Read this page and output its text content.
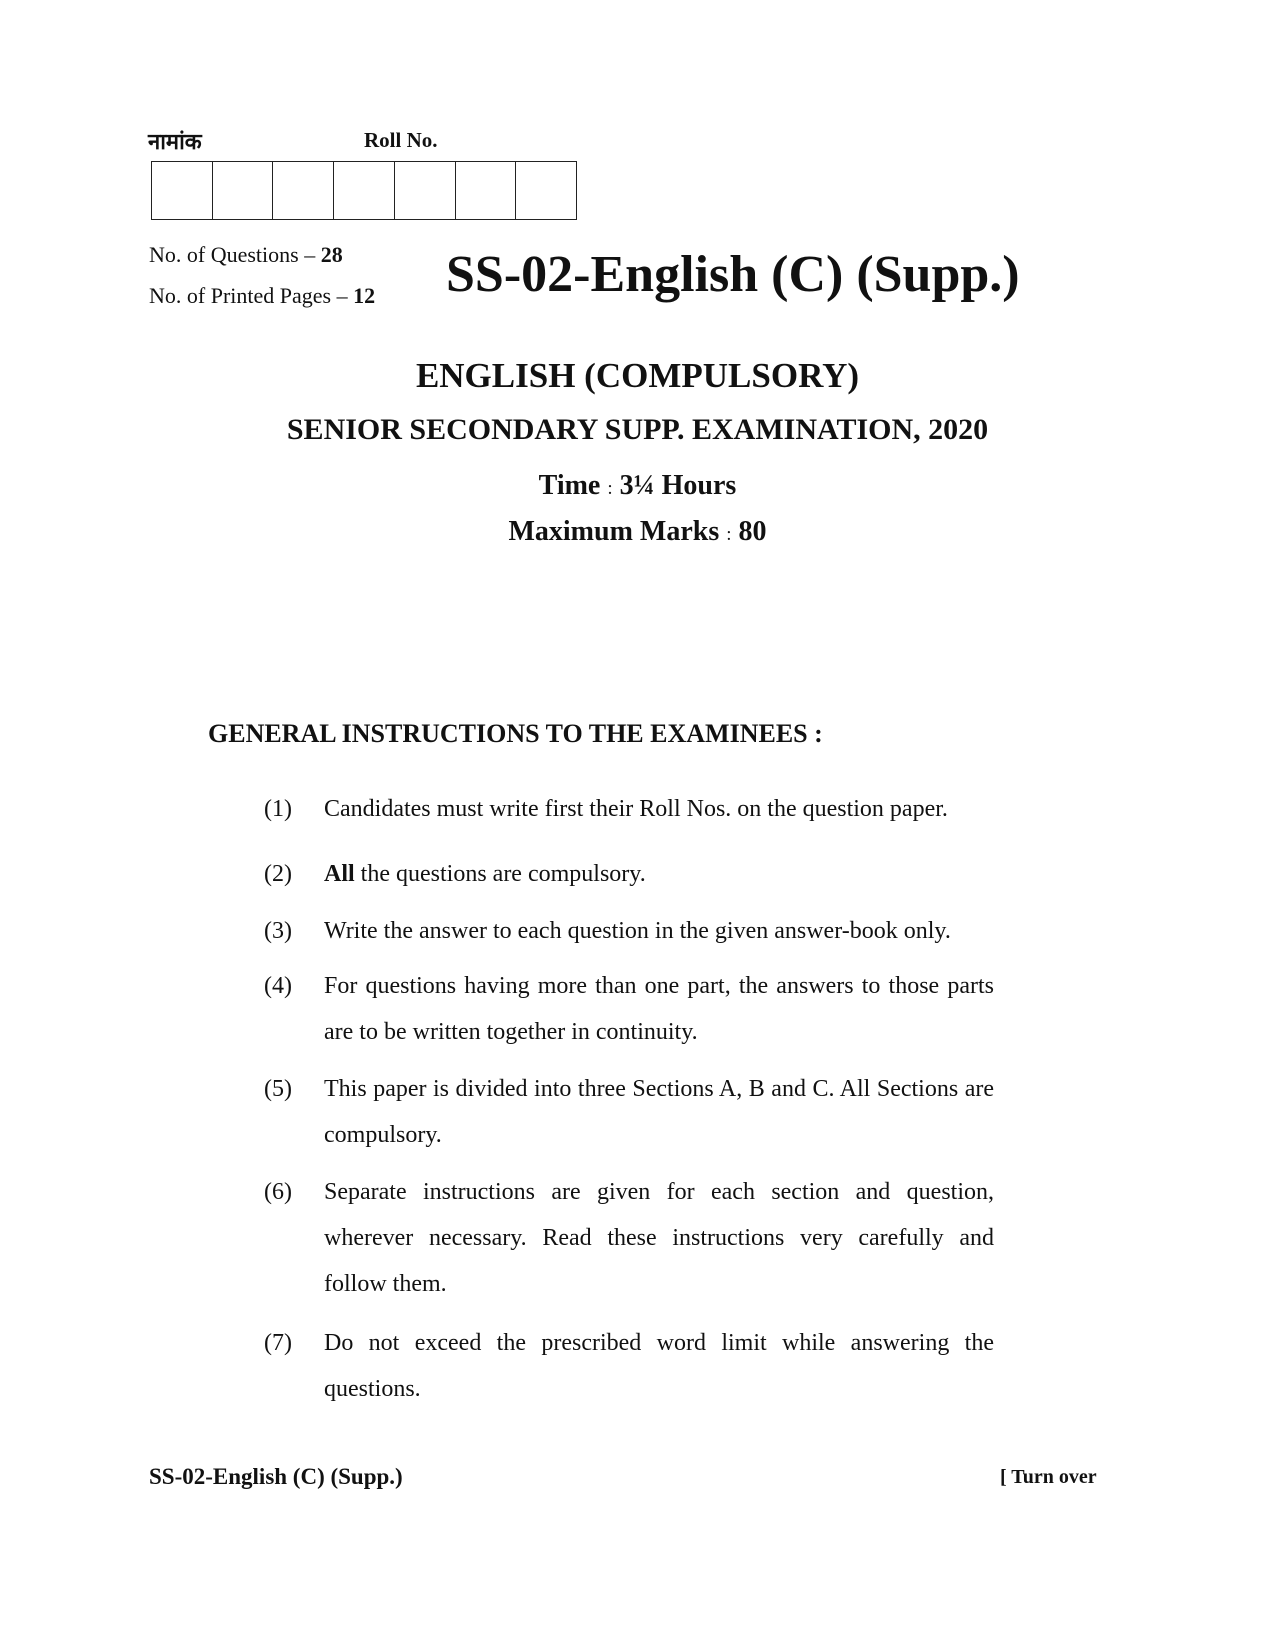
नामांक	Roll No.
No. of Questions – 28
No. of Printed Pages – 12 SS-02-English (C) (Supp.)
ENGLISH (COMPULSORY)
SENIOR SECONDARY SUPP. EXAMINATION, 2020
Time : 3¼ Hours
Maximum Marks : 80
GENERAL INSTRUCTIONS TO THE EXAMINEES :
(1) Candidates must write first their Roll Nos. on the question paper.
(2) All the questions are compulsory.
(3) Write the answer to each question in the given answer-book only.
(4) For questions having more than one part, the answers to those parts are to be written together in continuity.
(5) This paper is divided into three Sections A, B and C. All Sections are compulsory.
(6) Separate instructions are given for each section and question, wherever necessary. Read these instructions very carefully and follow them.
(7) Do not exceed the prescribed word limit while answering the questions.
SS-02-English (C) (Supp.)	[ Turn over
